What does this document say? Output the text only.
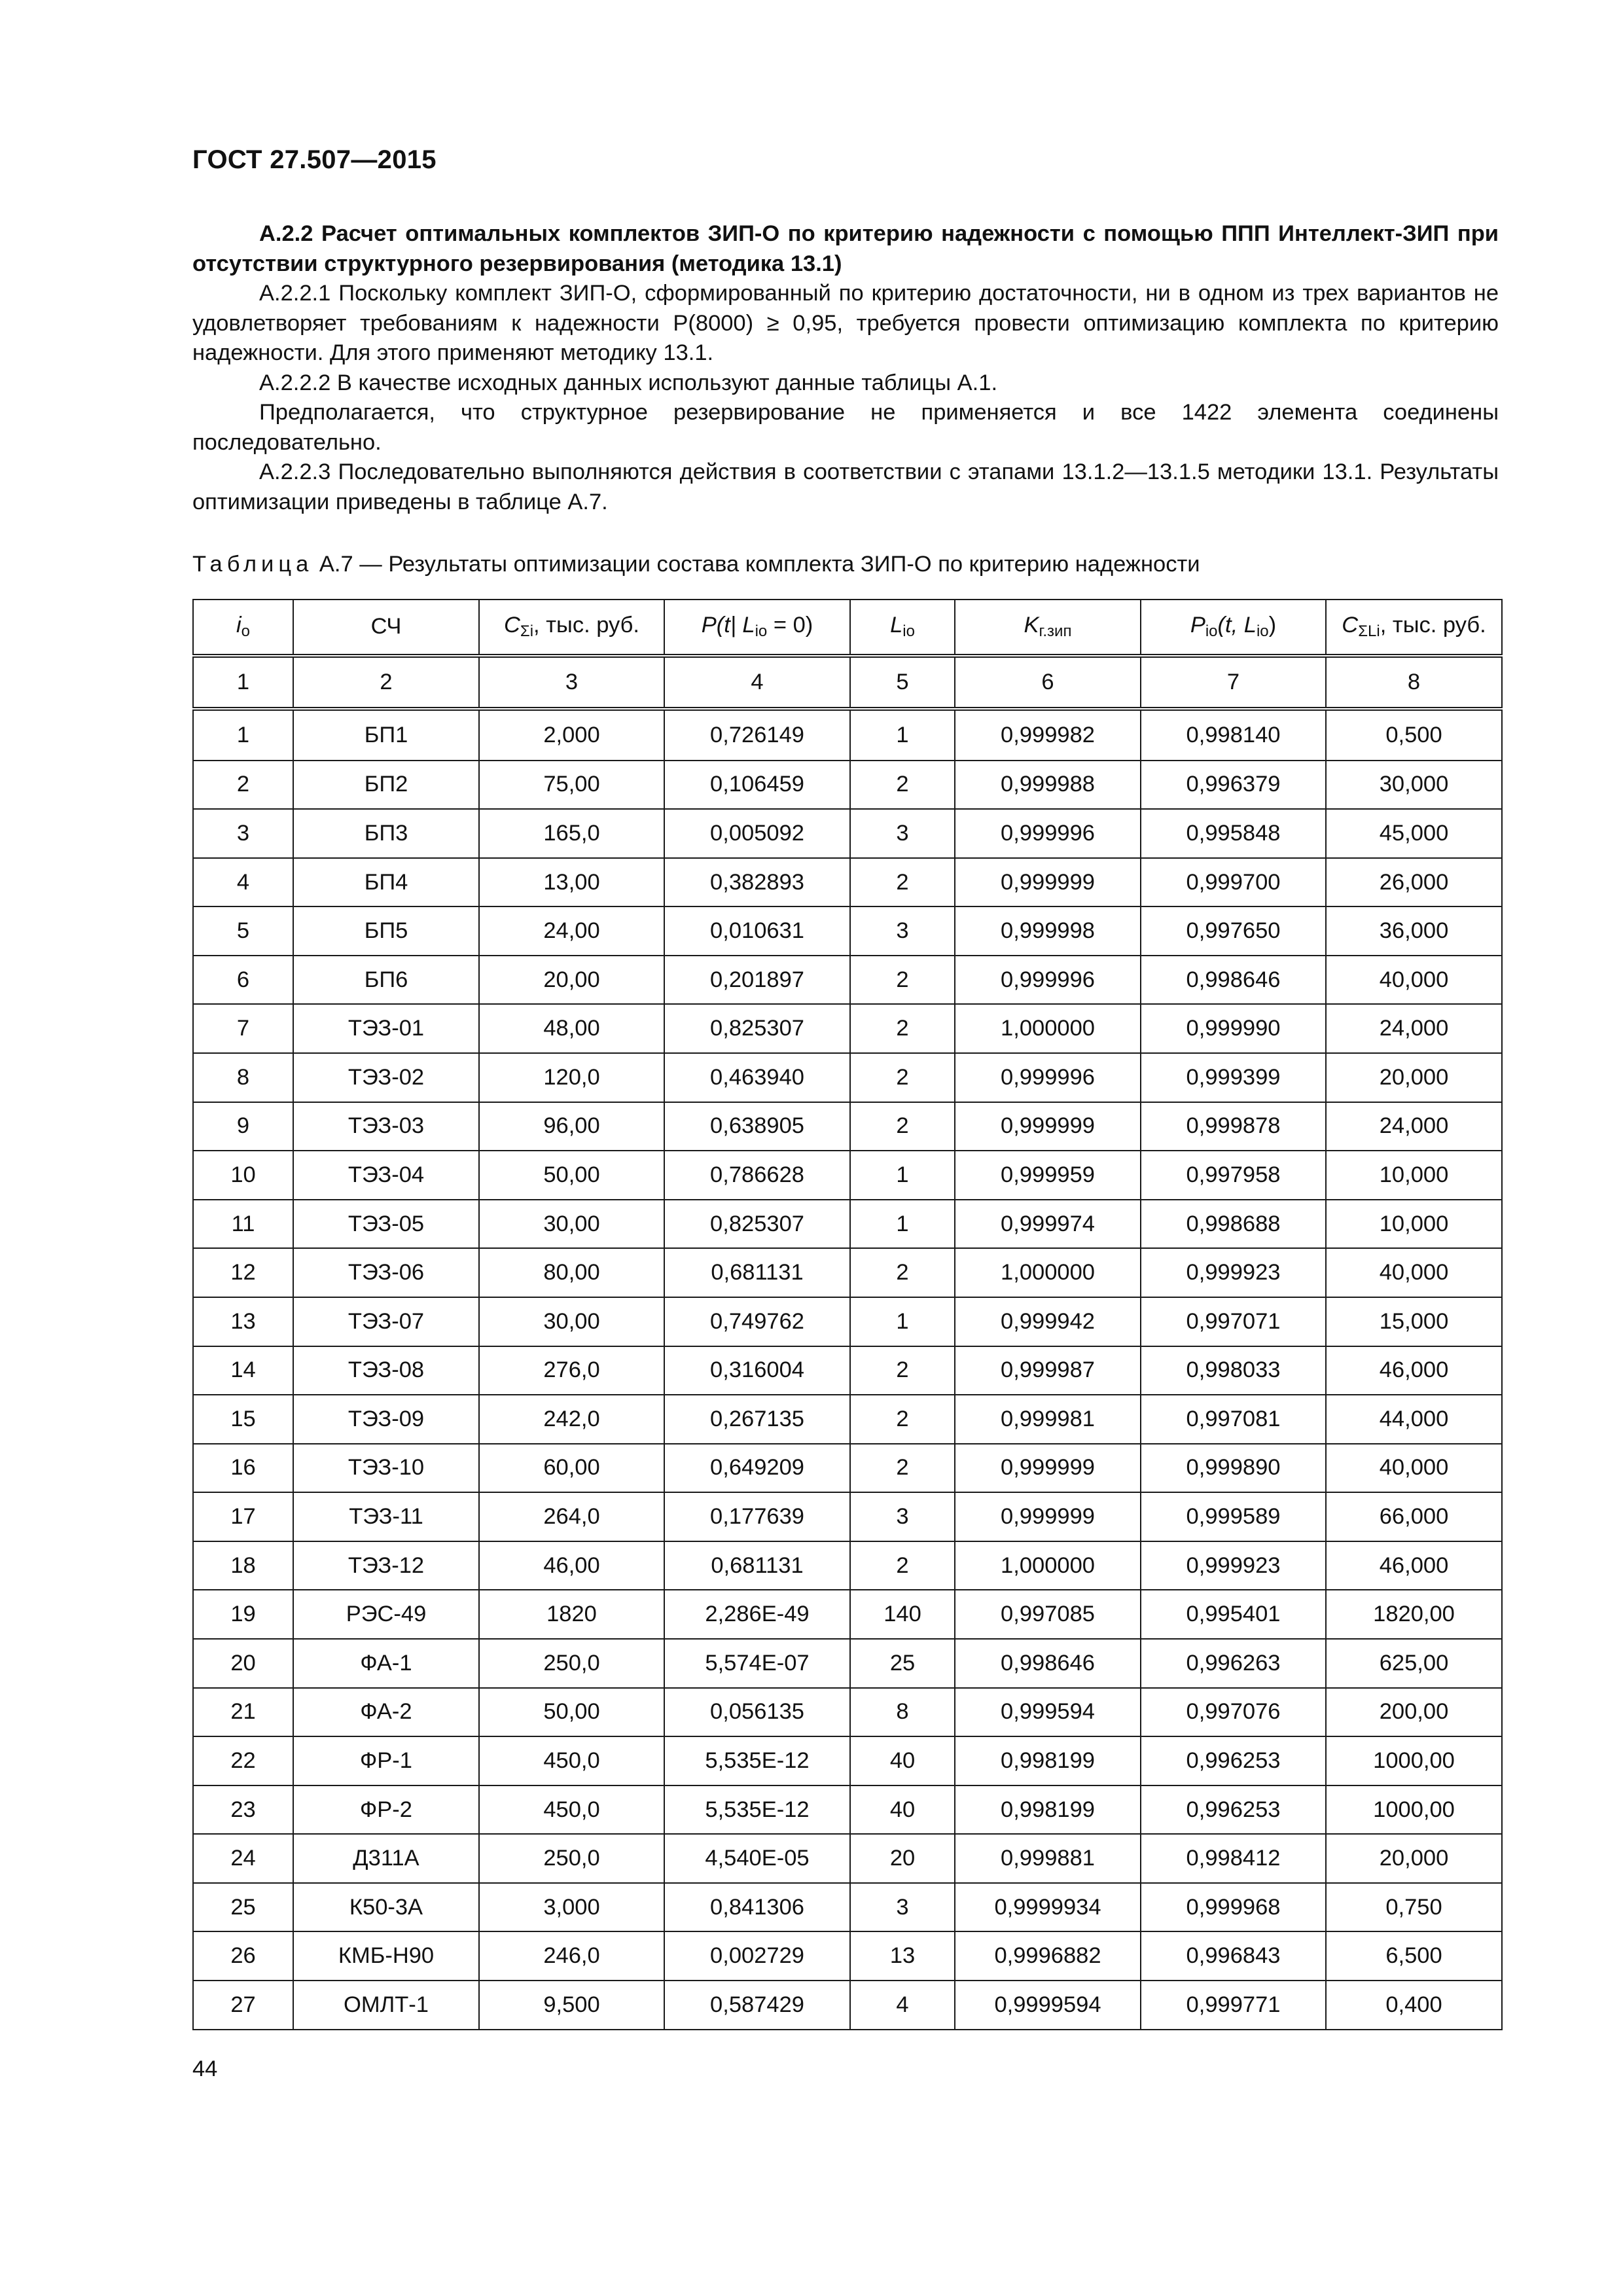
ГОСТ 27.507—2015

А.2.2 Расчет оптимальных комплектов ЗИП-О по критерию надежности с помощью ППП Интеллект-ЗИП при отсутствии структурного резервирования (методика 13.1)

А.2.2.1 Поскольку комплект ЗИП-О, сформированный по критерию достаточности, ни в одном из трех вариантов не удовлетворяет требованиям к надежности P(8000) ≥ 0,95, требуется провести оптимизацию комплекта по критерию надежности. Для этого применяют методику 13.1.

А.2.2.2 В качестве исходных данных используют данные таблицы А.1.

Предполагается, что структурное резервирование не применяется и все 1422 элемента соединены последовательно.

А.2.2.3 Последовательно выполняются действия в соответствии с этапами 13.1.2—13.1.5 методики 13.1. Результаты оптимизации приведены в таблице А.7.

Таблица А.7 — Результаты оптимизации состава комплекта ЗИП-О по критерию надежности
$i_o$	СЧ	$C_{\Sigma i}$, тыс. руб.	P(t| $L_{io} = 0$)	$L_{io}$	$K_{г.зип}$	$P_{io}(t$, $L_{io}$)	$C_{\Sigma Li}$, тыс. руб.
1	2	3	4	5	6	7	8
1	БП1	2,000	0,726149	1	0,999982	0,998140	0,500
2	БП2	75,00	0,106459	2	0,999988	0,996379	30,000
3	БП3	165,0	0,005092	3	0,999996	0,995848	45,000
4	БП4	13,00	0,382893	2	0,999999	0,999700	26,000
5	БП5	24,00	0,010631	3	0,999998	0,997650	36,000
6	БП6	20,00	0,201897	2	0,999996	0,998646	40,000
7	ТЭЗ-01	48,00	0,825307	2	1,000000	0,999990	24,000
8	ТЭЗ-02	120,0	0,463940	2	0,999996	0,999399	20,000
9	ТЭЗ-03	96,00	0,638905	2	0,999999	0,999878	24,000
10	ТЭЗ-04	50,00	0,786628	1	0,999959	0,997958	10,000
11	ТЭЗ-05	30,00	0,825307	1	0,999974	0,998688	10,000
12	ТЭЗ-06	80,00	0,681131	2	1,000000	0,999923	40,000
13	ТЭЗ-07	30,00	0,749762	1	0,999942	0,997071	15,000
14	ТЭЗ-08	276,0	0,316004	2	0,999987	0,998033	46,000
15	ТЭЗ-09	242,0	0,267135	2	0,999981	0,997081	44,000
16	ТЭЗ-10	60,00	0,649209	2	0,999999	0,999890	40,000
17	ТЭЗ-11	264,0	0,177639	3	0,999999	0,999589	66,000
18	ТЭЗ-12	46,00	0,681131	2	1,000000	0,999923	46,000
19	РЭС-49	1820	2,286E-49	140	0,997085	0,995401	1820,00
20	ФА-1	250,0	5,574E-07	25	0,998646	0,996263	625,00
21	ФА-2	50,00	0,056135	8	0,999594	0,997076	200,00
22	ФР-1	450,0	5,535E-12	40	0,998199	0,996253	1000,00
23	ФР-2	450,0	5,535E-12	40	0,998199	0,996253	1000,00
24	Д311А	250,0	4,540E-05	20	0,999881	0,998412	20,000
25	К50-3А	3,000	0,841306	3	0,9999934	0,999968	0,750
26	КМБ-Н90	246,0	0,002729	13	0,9996882	0,996843	6,500
27	ОМЛТ-1	9,500	0,587429	4	0,9999594	0,999771	0,400
44
